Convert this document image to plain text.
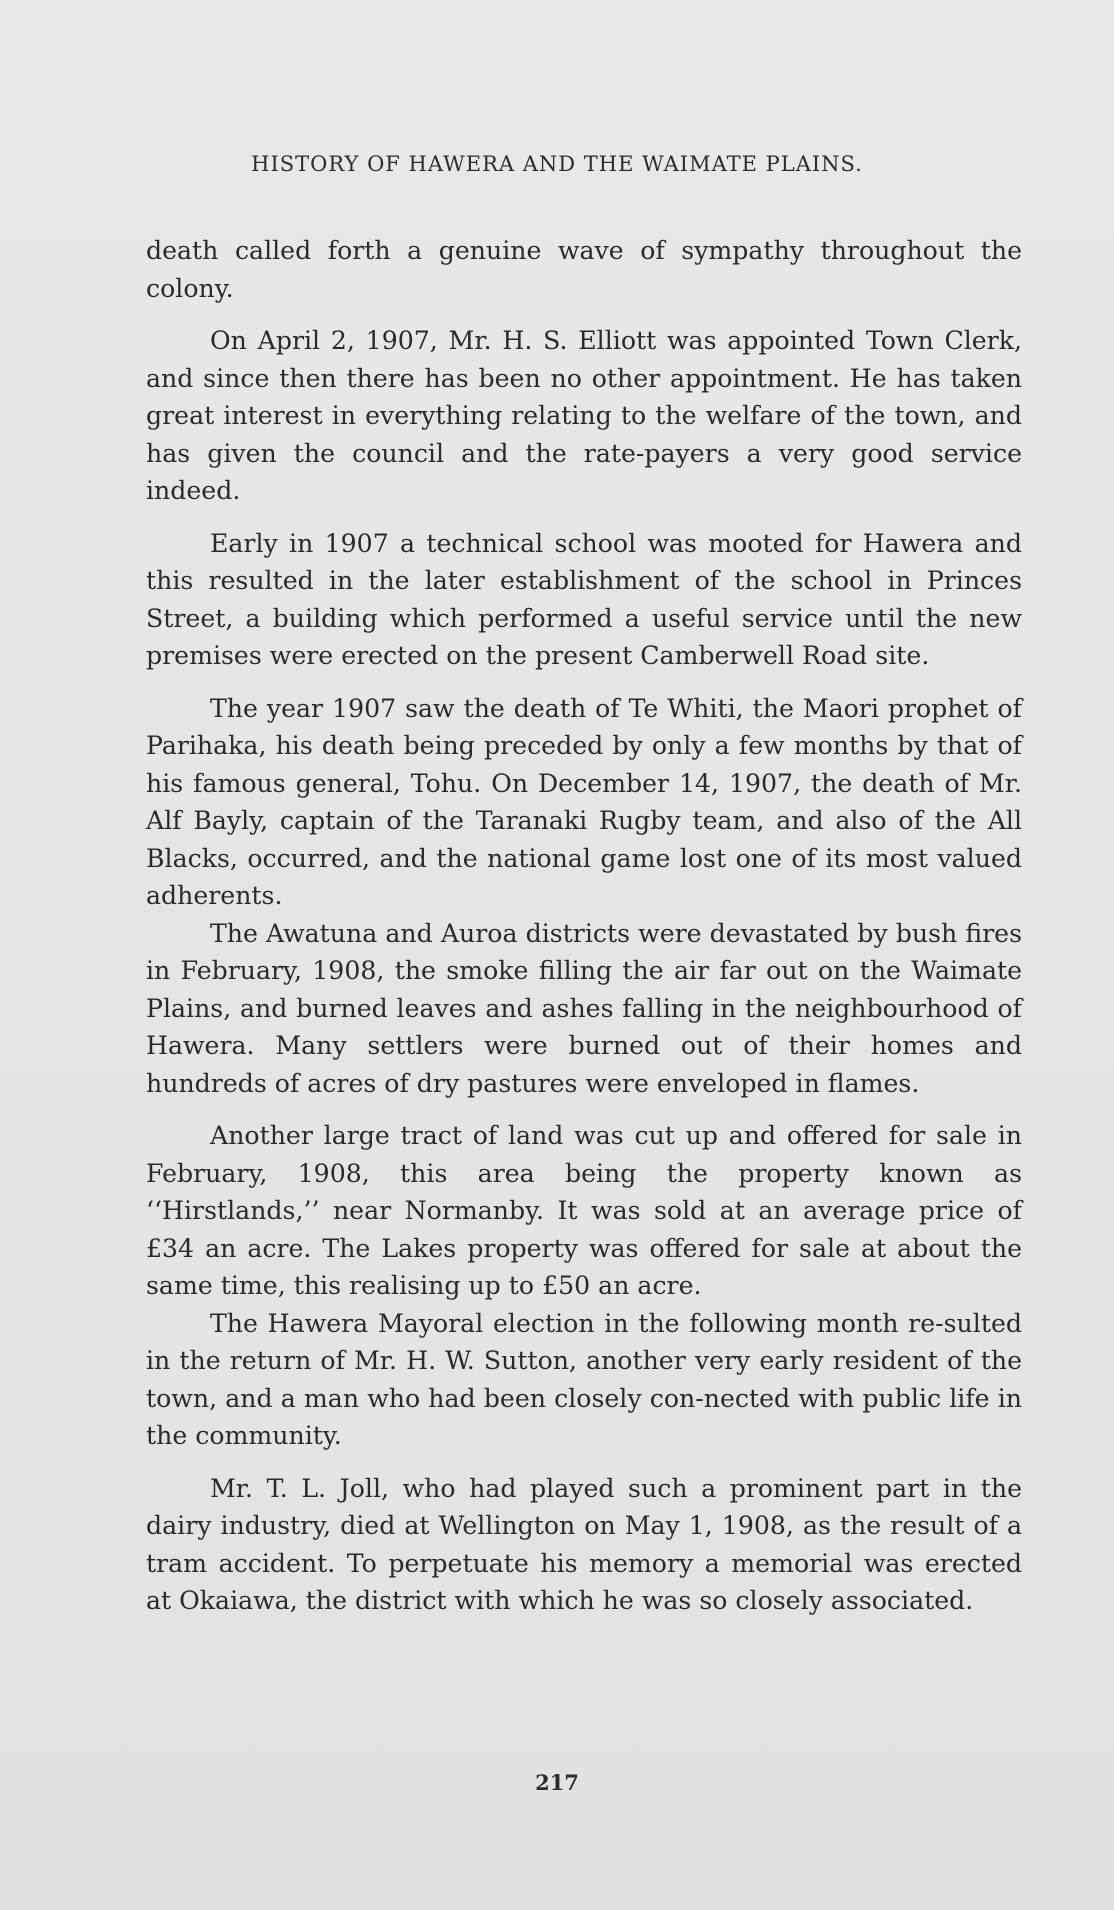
HISTORY OF HAWERA AND THE WAIMATE PLAINS.

death called forth a genuine wave of sympathy throughout the colony.

On April 2, 1907, Mr. H. S. Elliott was appointed Town Clerk, and since then there has been no other appointment. He has taken great interest in everything relating to the welfare of the town, and has given the council and the rate-payers a very good service indeed.

Early in 1907 a technical school was mooted for Hawera and this resulted in the later establishment of the school in Princes Street, a building which performed a useful service until the new premises were erected on the present Camberwell Road site.

The year 1907 saw the death of Te Whiti, the Maori prophet of Parihaka, his death being preceded by only a few months by that of his famous general, Tohu. On December 14, 1907, the death of Mr. Alf Bayly, captain of the Taranaki Rugby team, and also of the All Blacks, occurred, and the national game lost one of its most valued adherents.

The Awatuna and Auroa districts were devastated by bush fires in February, 1908, the smoke filling the air far out on the Waimate Plains, and burned leaves and ashes falling in the neighbourhood of Hawera. Many settlers were burned out of their homes and hundreds of acres of dry pastures were enveloped in flames.

Another large tract of land was cut up and offered for sale in February, 1908, this area being the property known as ‘‘Hirstlands,’’ near Normanby. It was sold at an average price of £34 an acre. The Lakes property was offered for sale at about the same time, this realising up to £50 an acre.

The Hawera Mayoral election in the following month re-sulted in the return of Mr. H. W. Sutton, another very early resident of the town, and a man who had been closely con-nected with public life in the community.

Mr. T. L. Joll, who had played such a prominent part in the dairy industry, died at Wellington on May 1, 1908, as the result of a tram accident. To perpetuate his memory a memorial was erected at Okaiawa, the district with which he was so closely associated.

217
